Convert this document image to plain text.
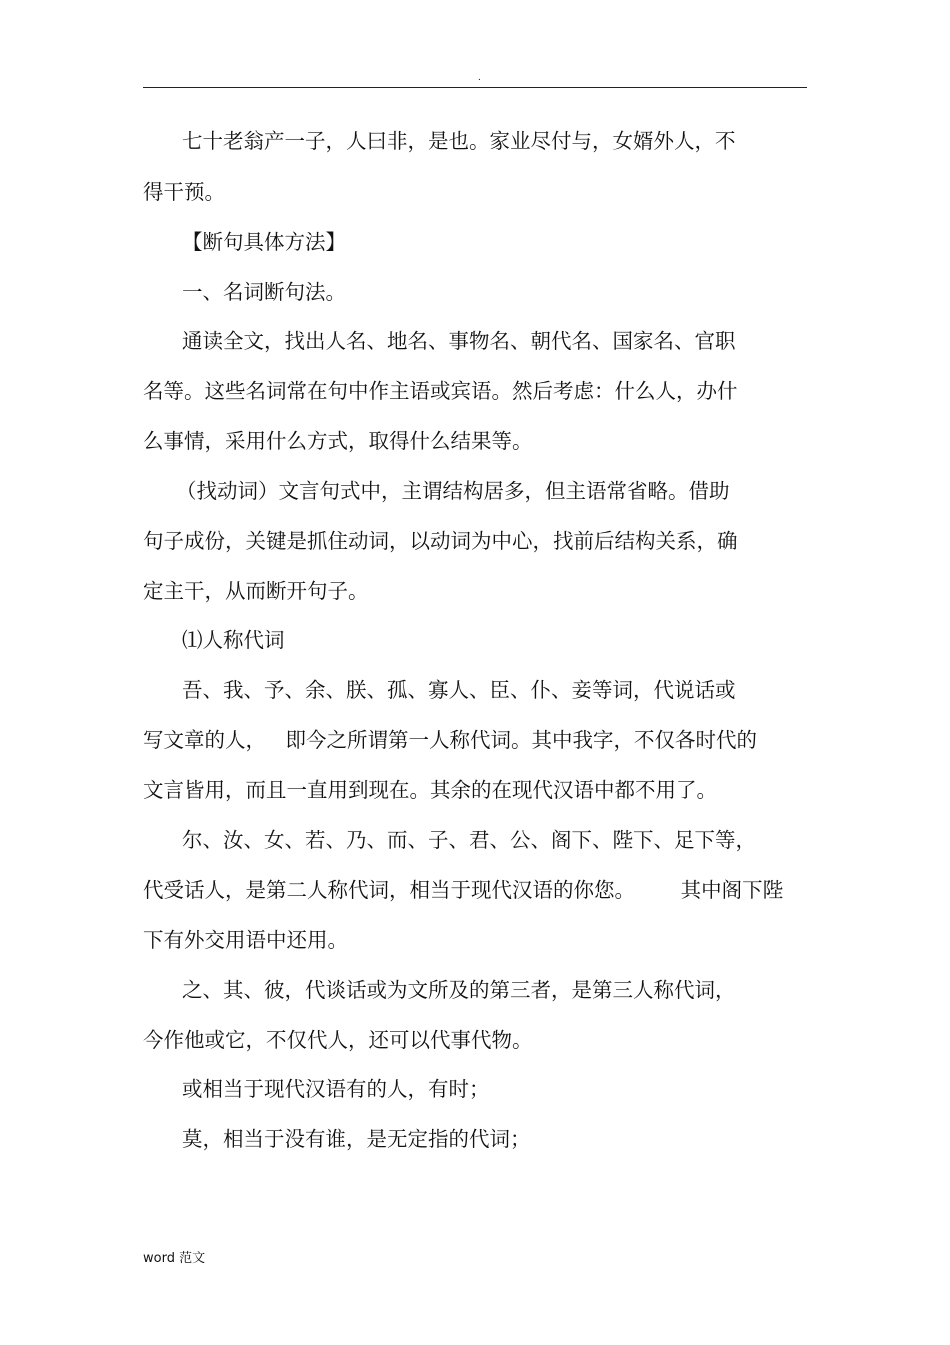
.
七十老翁产一子，人曰非，是也。家业尽付与，女婿外人，不
得干预。
【断句具体方法】
一、名词断句法。
通读全文，找出人名、地名、事物名、朝代名、国家名、官职
名等。这些名词常在句中作主语或宾语。然后考虑：什么人，办什
么事情，采用什么方式，取得什么结果等。
（找动词）文言句式中，主谓结构居多，但主语常省略。借助
句子成份，关键是抓住动词，以动词为中心，找前后结构关系，确
定主干，从而断开句子。
⑴人称代词
吾、我、予、余、朕、孤、寡人、臣、仆、妾等词，代说话或
写文章的人，   即今之所谓第一人称代词。其中我字，不仅各时代的
文言皆用，而且一直用到现在。其余的在现代汉语中都不用了。
尔、汝、女、若、乃、而、子、君、公、阁下、陛下、足下等，
代受话人，是第二人称代词，相当于现代汉语的你您。       其中阁下陛
下有外交用语中还用。
之、其、彼，代谈话或为文所及的第三者，是第三人称代词，
今作他或它，不仅代人，还可以代事代物。
或相当于现代汉语有的人，有时；
莫，相当于没有谁，是无定指的代词；
word 范文
